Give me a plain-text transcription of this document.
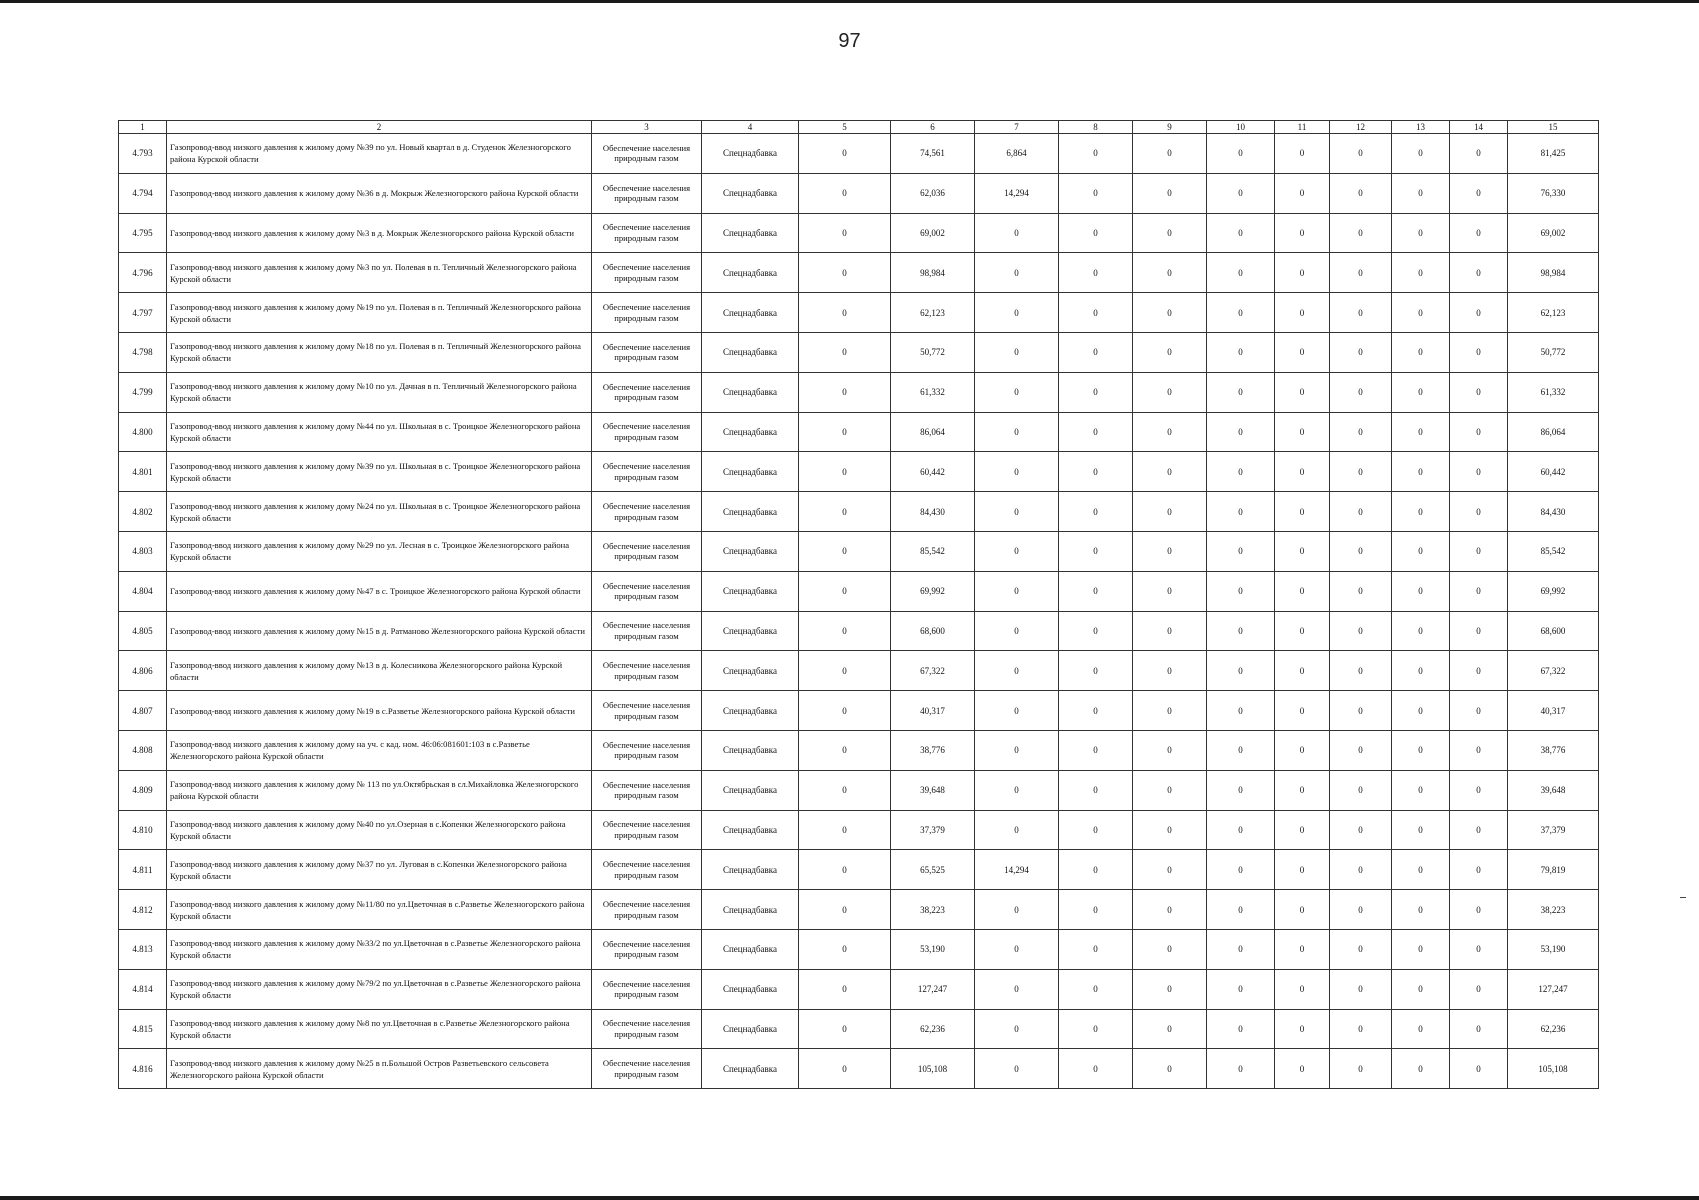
97
1	2	3	4	5	6	7	8	9	10	11	12	13	14	15
4.793	Газопровод-ввод низкого давления к жилому дому №39 по ул. Новый квартал в д. Студенок Железногорского района Курской области	Обеспечение населения природным газом	Спецнадбавка	0	74,561	6,864	0	0	0	0	0	0	0	81,425
4.794	Газопровод-ввод низкого давления к жилому дому №36 в д. Мокрыж Железногорского района Курской области	Обеспечение населения природным газом	Спецнадбавка	0	62,036	14,294	0	0	0	0	0	0	0	76,330
4.795	Газопровод-ввод низкого давления к жилому дому №3 в д. Мокрыж Железногорского района Курской области	Обеспечение населения природным газом	Спецнадбавка	0	69,002	0	0	0	0	0	0	0	0	69,002
4.796	Газопровод-ввод низкого давления к жилому дому №3 по ул. Полевая в п. Тепличный Железногорского района Курской области	Обеспечение населения природным газом	Спецнадбавка	0	98,984	0	0	0	0	0	0	0	0	98,984
4.797	Газопровод-ввод низкого давления к жилому дому №19 по ул. Полевая в п. Тепличный Железногорского района Курской области	Обеспечение населения природным газом	Спецнадбавка	0	62,123	0	0	0	0	0	0	0	0	62,123
4.798	Газопровод-ввод низкого давления к жилому дому №18 по ул. Полевая в п. Тепличный Железногорского района Курской области	Обеспечение населения природным газом	Спецнадбавка	0	50,772	0	0	0	0	0	0	0	0	50,772
4.799	Газопровод-ввод низкого давления к жилому дому №10 по ул. Дачная в п. Тепличный Железногорского района Курской области	Обеспечение населения природным газом	Спецнадбавка	0	61,332	0	0	0	0	0	0	0	0	61,332
4.800	Газопровод-ввод низкого давления к жилому дому №44 по ул. Школьная в с. Троицкое Железногорского района Курской области	Обеспечение населения природным газом	Спецнадбавка	0	86,064	0	0	0	0	0	0	0	0	86,064
4.801	Газопровод-ввод низкого давления к жилому дому №39 по ул. Школьная в с. Троицкое Железногорского района Курской области	Обеспечение населения природным газом	Спецнадбавка	0	60,442	0	0	0	0	0	0	0	0	60,442
4.802	Газопровод-ввод низкого давления к жилому дому №24 по ул. Школьная в с. Троицкое Железногорского района Курской области	Обеспечение населения природным газом	Спецнадбавка	0	84,430	0	0	0	0	0	0	0	0	84,430
4.803	Газопровод-ввод низкого давления к жилому дому №29 по ул. Лесная в с. Троицкое Железногорского района Курской области	Обеспечение населения природным газом	Спецнадбавка	0	85,542	0	0	0	0	0	0	0	0	85,542
4.804	Газопровод-ввод низкого давления к жилому дому №47 в с. Троицкое Железногорского района Курской области	Обеспечение населения природным газом	Спецнадбавка	0	69,992	0	0	0	0	0	0	0	0	69,992
4.805	Газопровод-ввод низкого давления к жилому дому №15 в д. Ратманово Железногорского района Курской области	Обеспечение населения природным газом	Спецнадбавка	0	68,600	0	0	0	0	0	0	0	0	68,600
4.806	Газопровод-ввод низкого давления к жилому дому №13 в д. Колесникова Железногорского района Курской области	Обеспечение населения природным газом	Спецнадбавка	0	67,322	0	0	0	0	0	0	0	0	67,322
4.807	Газопровод-ввод низкого давления к жилому дому №19 в с.Разветье Железногорского района Курской области	Обеспечение населения природным газом	Спецнадбавка	0	40,317	0	0	0	0	0	0	0	0	40,317
4.808	Газопровод-ввод низкого давления к жилому дому на уч. с кад. ном. 46:06:081601:103 в с.Разветье Железногорского района Курской области	Обеспечение населения природным газом	Спецнадбавка	0	38,776	0	0	0	0	0	0	0	0	38,776
4.809	Газопровод-ввод низкого давления к жилому дому № 113 по ул.Октябрьская в сл.Михайловка Железногорского района Курской области	Обеспечение населения природным газом	Спецнадбавка	0	39,648	0	0	0	0	0	0	0	0	39,648
4.810	Газопровод-ввод низкого давления к жилому дому №40 по ул.Озерная в с.Копенки Железногорского района Курской области	Обеспечение населения природным газом	Спецнадбавка	0	37,379	0	0	0	0	0	0	0	0	37,379
4.811	Газопровод-ввод низкого давления к жилому дому №37 по ул. Луговая в с.Копенки Железногорского района Курской области	Обеспечение населения природным газом	Спецнадбавка	0	65,525	14,294	0	0	0	0	0	0	0	79,819
4.812	Газопровод-ввод низкого давления к жилому дому №11/80 по ул.Цветочная в с.Разветье Железногорского района Курской области	Обеспечение населения природным газом	Спецнадбавка	0	38,223	0	0	0	0	0	0	0	0	38,223
4.813	Газопровод-ввод низкого давления к жилому дому №33/2 по ул.Цветочная в с.Разветье Железногорского района Курской области	Обеспечение населения природным газом	Спецнадбавка	0	53,190	0	0	0	0	0	0	0	0	53,190
4.814	Газопровод-ввод низкого давления к жилому дому №79/2 по ул.Цветочная в с.Разветье Железногорского района Курской области	Обеспечение населения природным газом	Спецнадбавка	0	127,247	0	0	0	0	0	0	0	0	127,247
4.815	Газопровод-ввод низкого давления к жилому дому №8 по ул.Цветочная в с.Разветье Железногорского района Курской области	Обеспечение населения природным газом	Спецнадбавка	0	62,236	0	0	0	0	0	0	0	0	62,236
4.816	Газопровод-ввод низкого давления к жилому дому №25 в п.Большой Остров Разветьевского сельсовета Железногорского района Курской области	Обеспечение населения природным газом	Спецнадбавка	0	105,108	0	0	0	0	0	0	0	0	105,108
